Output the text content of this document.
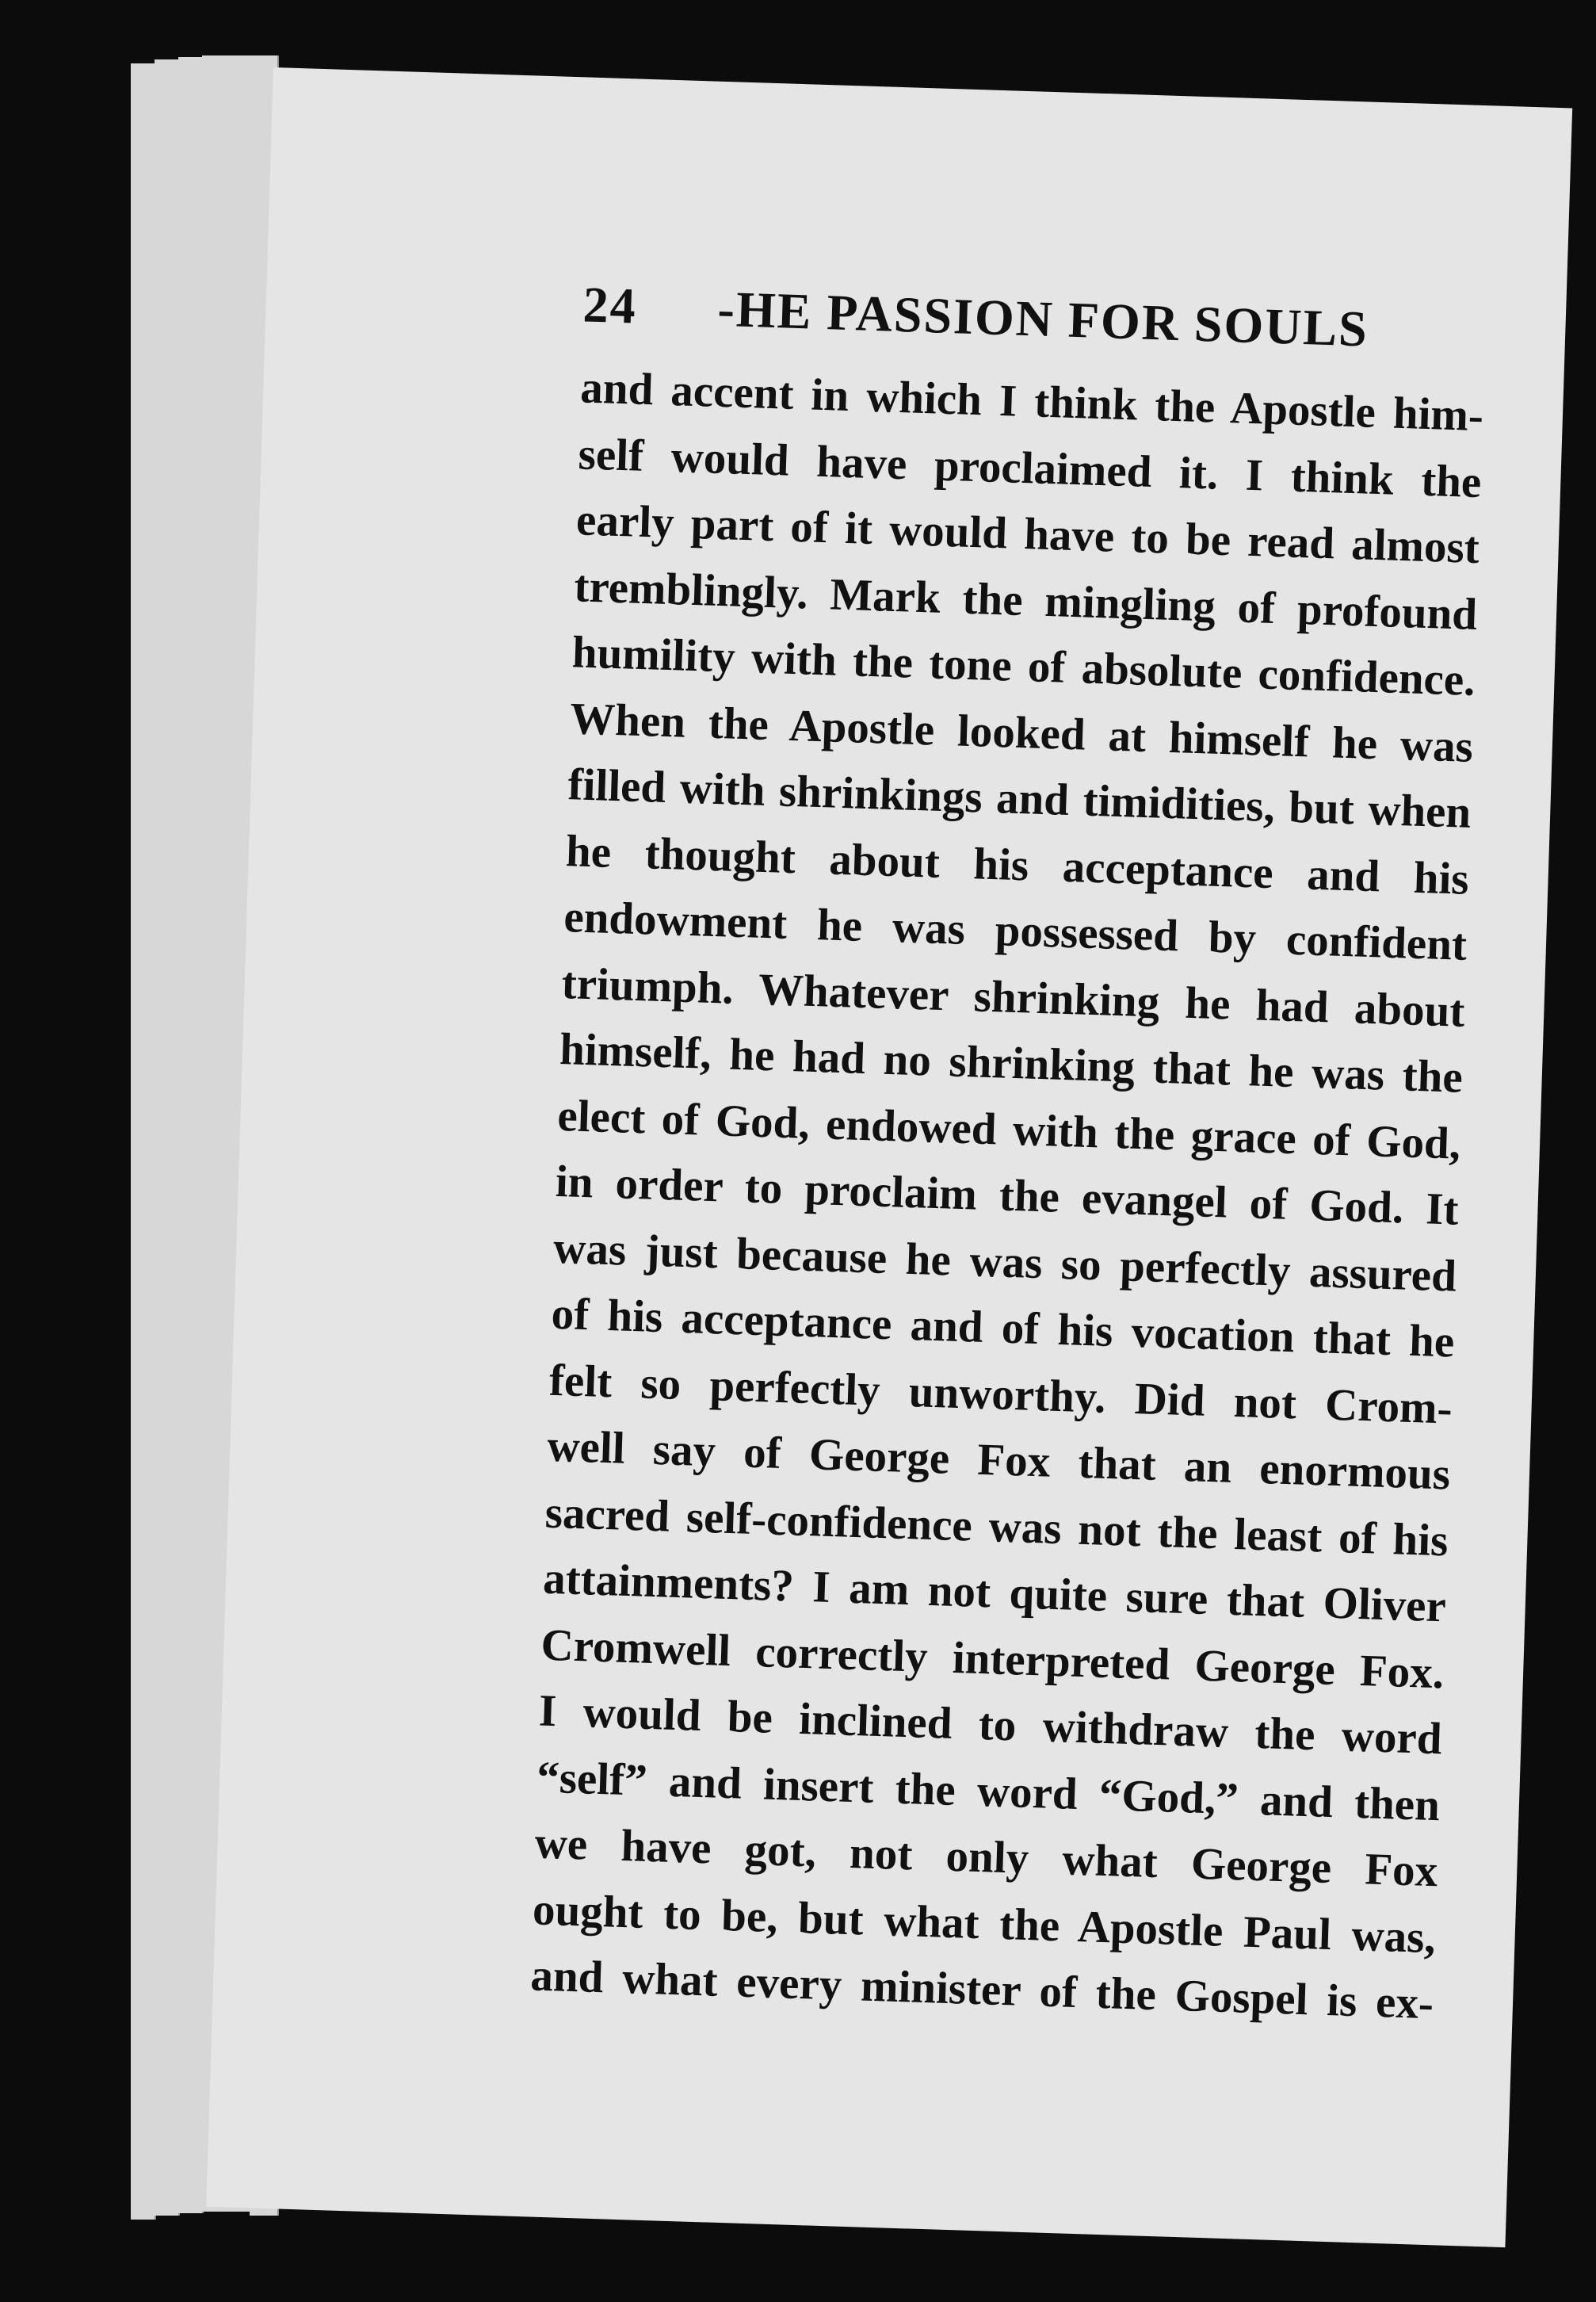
24 -HE PASSION FOR SOULS
and accent in which I think the Apostle him-
self would have proclaimed it. I think the
early part of it would have to be read almost
tremblingly. Mark the mingling of profound
humility with the tone of absolute confidence.
When the Apostle looked at himself he was
filled with shrinkings and timidities, but when
he thought about his acceptance and his
endowment he was possessed by confident
triumph. Whatever shrinking he had about
himself, he had no shrinking that he was the
elect of God, endowed with the grace of God,
in order to proclaim the evangel of God. It
was just because he was so perfectly assured
of his acceptance and of his vocation that he
felt so perfectly unworthy. Did not Crom-
well say of George Fox that an enormous
sacred self-confidence was not the least of his
attainments? I am not quite sure that Oliver
Cromwell correctly interpreted George Fox.
I would be inclined to withdraw the word
“self” and insert the word “God,” and then
we have got, not only what George Fox
ought to be, but what the Apostle Paul was,
and what every minister of the Gospel is ex-
